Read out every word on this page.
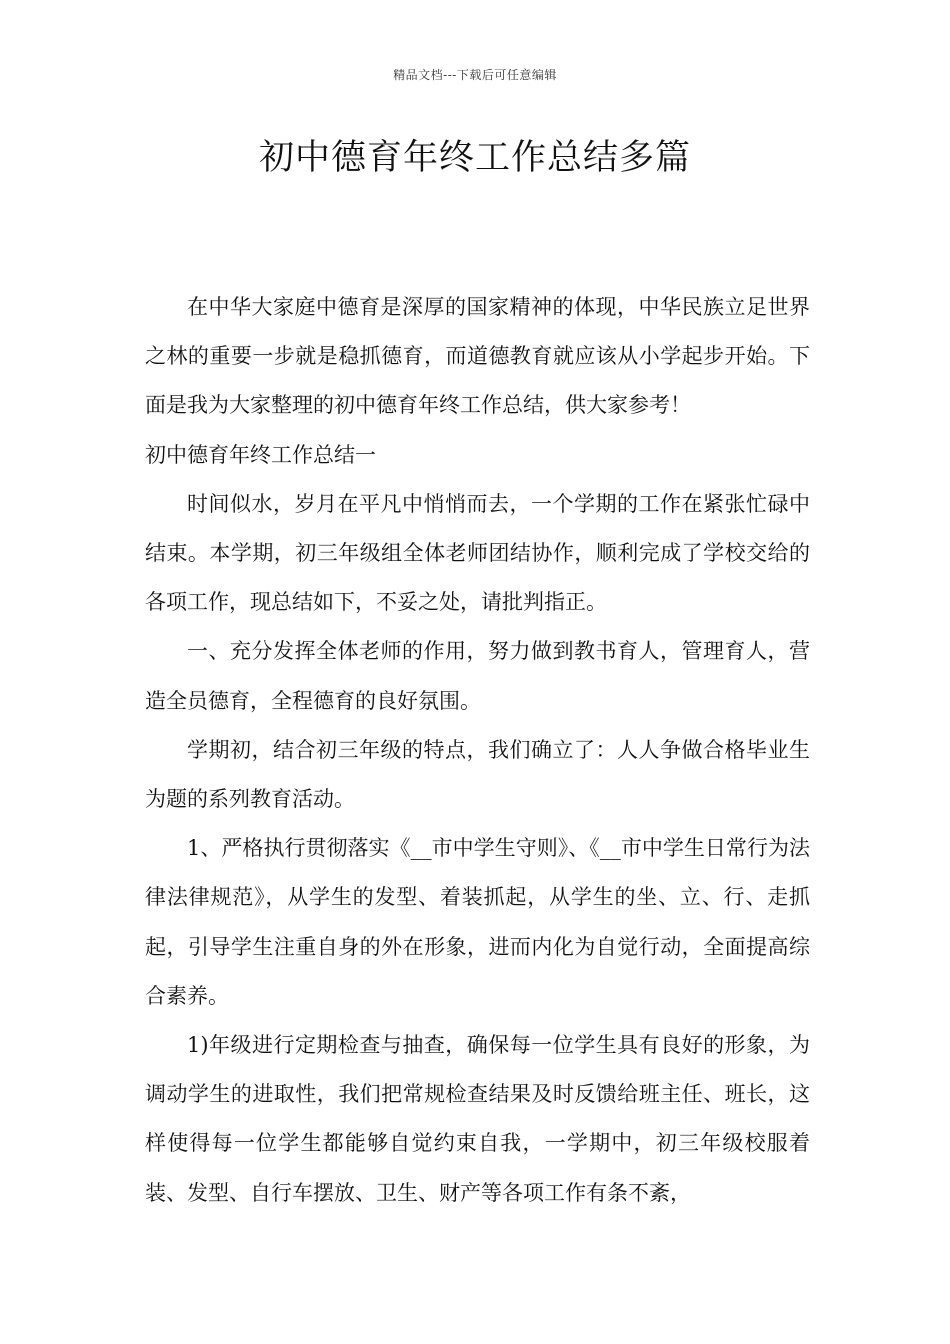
精品文档---下载后可任意编辑
初中德育年终工作总结多篇

在中华大家庭中德育是深厚的国家精神的体现，中华民族立足世界之林的重要一步就是稳抓德育，而道德教育就应该从小学起步开始。下面是我为大家整理的初中德育年终工作总结，供大家参考！

初中德育年终工作总结一

时间似水，岁月在平凡中悄悄而去，一个学期的工作在紧张忙碌中结束。本学期，初三年级组全体老师团结协作，顺利完成了学校交给的各项工作，现总结如下，不妥之处，请批判指正。

一、充分发挥全体老师的作用，努力做到教书育人，管理育人，营造全员德育，全程德育的良好氛围。

学期初，结合初三年级的特点，我们确立了：人人争做合格毕业生为题的系列教育活动。

1、严格执行贯彻落实《__市中学生守则》、《__市中学生日常行为法律法律规范》，从学生的发型、着装抓起，从学生的坐、立、行、走抓起，引导学生注重自身的外在形象，进而内化为自觉行动，全面提高综合素养。

1)年级进行定期检查与抽查，确保每一位学生具有良好的形象，为调动学生的进取性，我们把常规检查结果及时反馈给班主任、班长，这样使得每一位学生都能够自觉约束自我，一学期中，初三年级校服着装、发型、自行车摆放、卫生、财产等各项工作有条不紊，
